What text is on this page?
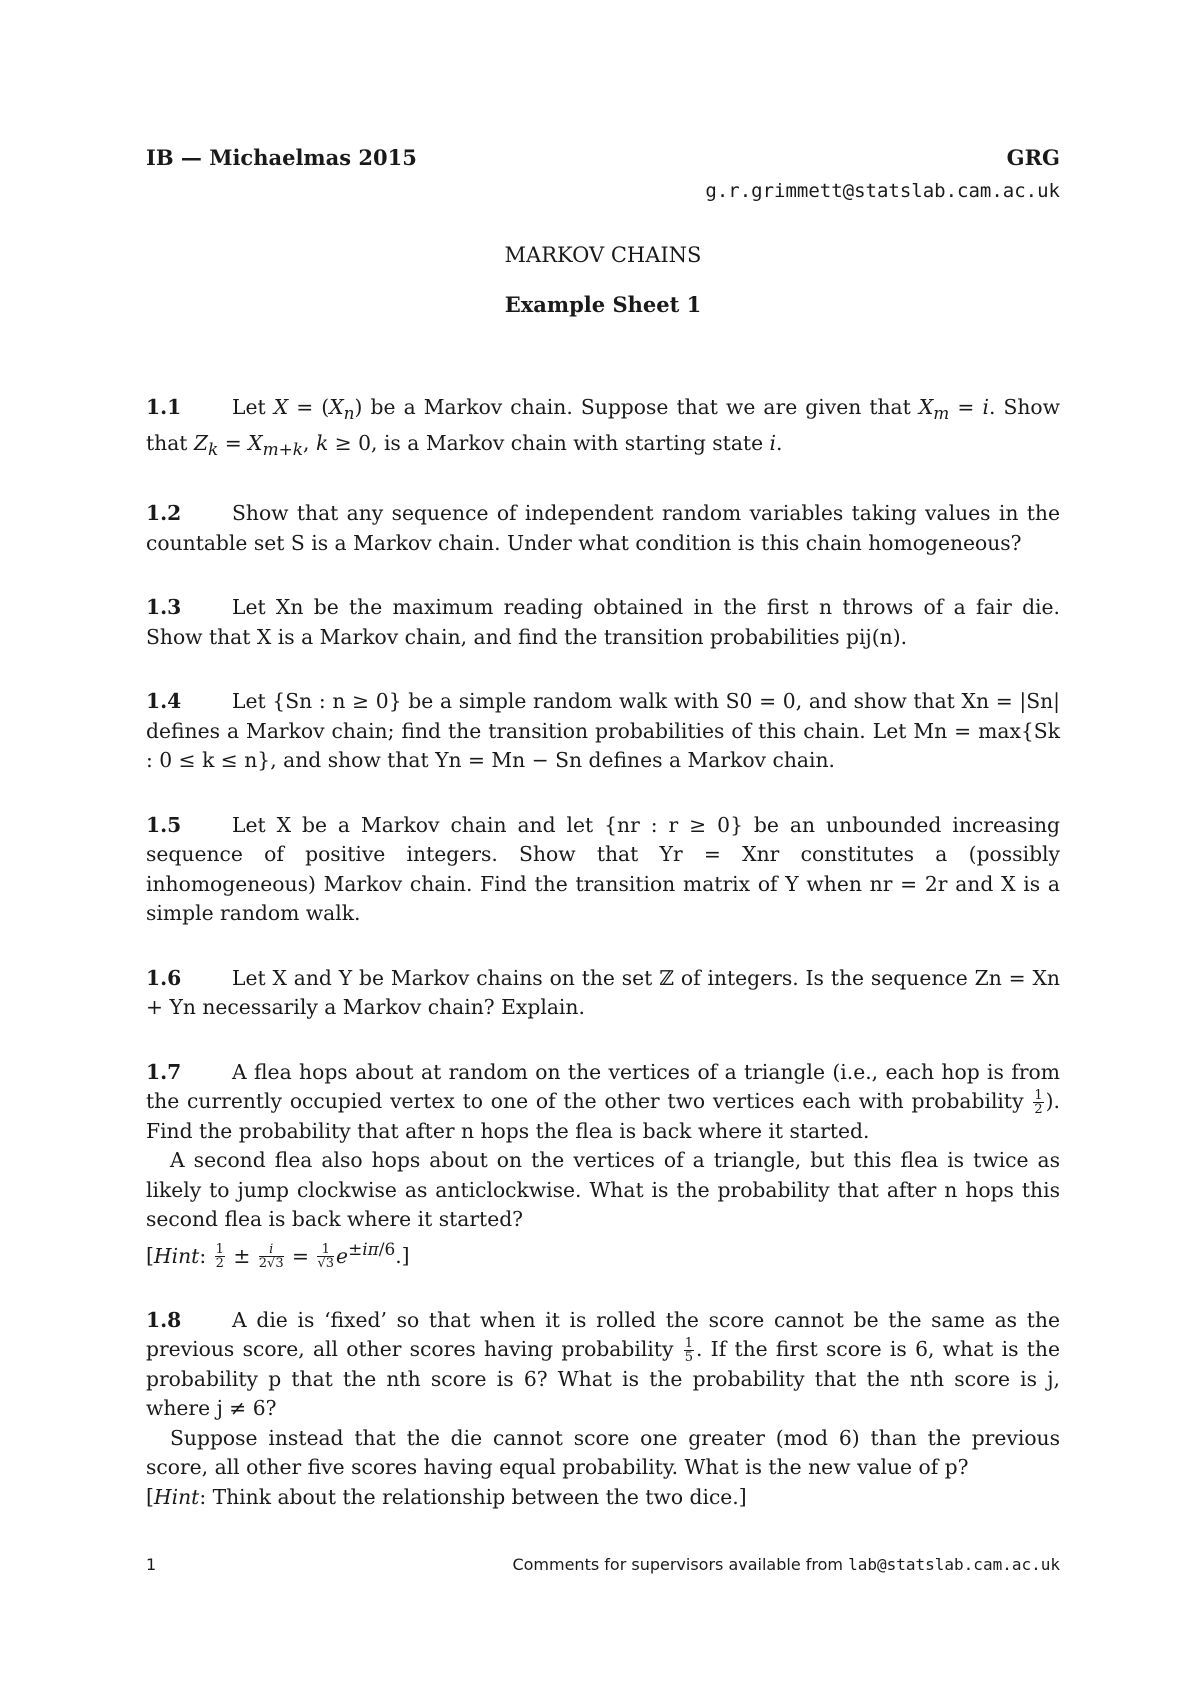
IB — Michaelmas 2015	GRG
g.r.grimmett@statslab.cam.ac.uk
MARKOV CHAINS
Example Sheet 1

1.1 Let $X = (X_n)$ be a Markov chain. Suppose that we are given that $X_m = i$. Show that $Z_k = X_{m+k}$, k ≥ 0, is a Markov chain with starting state i.

1.2 Show that any sequence of independent random variables taking values in the countable set S is a Markov chain. Under what condition is this chain homogeneous?

1.3 Let Xn be the maximum reading obtained in the first n throws of a fair die. Show that X is a Markov chain, and find the transition probabilities pij(n).

1.4 Let {Sn : n ≥ 0} be a simple random walk with S0 = 0, and show that Xn = |Sn| defines a Markov chain; find the transition probabilities of this chain. Let Mn = max{Sk : 0 ≤ k ≤ n}, and show that Yn = Mn − Sn defines a Markov chain.

1.5 Let X be a Markov chain and let {nr : r ≥ 0} be an unbounded increasing sequence of positive integers. Show that Yr = Xnr constitutes a (possibly inhomogeneous) Markov chain. Find the transition matrix of Y when nr = 2r and X is a simple random walk.

1.6 Let X and Y be Markov chains on the set ℤ of integers. Is the sequence Zn = Xn + Yn necessarily a Markov chain? Explain.

1.7 A flea hops about at random on the vertices of a triangle (i.e., each hop is from the currently occupied vertex to one of the other two vertices each with probability $\frac{1}{2}$ ). Find the probability that after n hops the flea is back where it started.

A second flea also hops about on the vertices of a triangle, but this flea is twice as likely to jump clockwise as anticlockwise. What is the probability that after n hops this second flea is back where it started?

[Hint: $\frac{1}{2} \pm \frac{i}{2√3} = \frac{1}{√3} e^{\pm i\pi/6}$.]

1.8 A die is ‘fixed’ so that when it is rolled the score cannot be the same as the previous score, all other scores having probability $\frac{1}{5}$ . If the first score is 6, what is the probability p that the nth score is 6? What is the probability that the nth score is j, where j ≠ 6?

Suppose instead that the die cannot score one greater (mod 6) than the previous score, all other five scores having equal probability. What is the new value of p?

[Hint: Think about the relationship between the two dice.]

1	Comments for supervisors available from lab@statslab.cam.ac.uk
